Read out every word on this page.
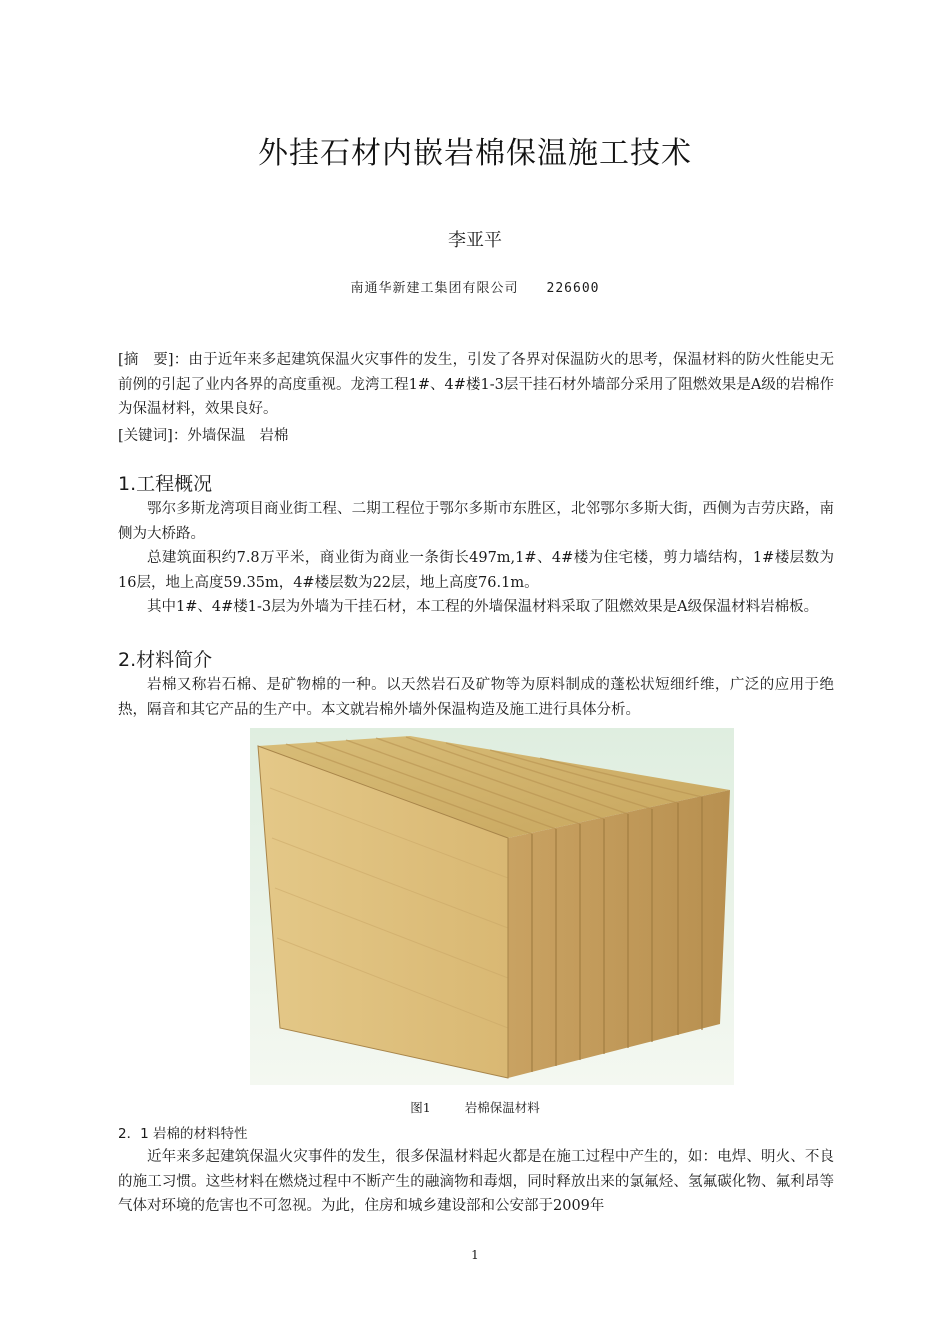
外挂石材内嵌岩棉保温施工技术
李亚平
南通华新建工集团有限公司 226600
[摘　要]：由于近年来多起建筑保温火灾事件的发生，引发了各界对保温防火的思考，保温材料的防火性能史无前例的引起了业内各界的高度重视。龙湾工程1#、4#楼1-3层干挂石材外墙部分采用了阻燃效果是A级的岩棉作为保温材料，效果良好。
[关键词]：外墙保温 岩棉
1.工程概况

鄂尔多斯龙湾项目商业街工程、二期工程位于鄂尔多斯市东胜区，北邻鄂尔多斯大街，西侧为吉劳庆路，南侧为大桥路。

总建筑面积约7.8万平米，商业街为商业一条街长497m,1#、4#楼为住宅楼，剪力墙结构，1#楼层数为16层，地上高度59.35m，4#楼层数为22层，地上高度76.1m。

其中1#、4#楼1-3层为外墙为干挂石材，本工程的外墙保温材料采取了阻燃效果是A级保温材料岩棉板。

2.材料简介

岩棉又称岩石棉、是矿物棉的一种。以天然岩石及矿物等为原料制成的蓬松状短细纤维，广泛的应用于绝热，隔音和其它产品的生产中。本文就岩棉外墙外保温构造及施工进行具体分析。

图1	岩棉保温材料
2．1 岩棉的材料特性

近年来多起建筑保温火灾事件的发生，很多保温材料起火都是在施工过程中产生的，如：电焊、明火、不良的施工习惯。这些材料在燃烧过程中不断产生的融滴物和毒烟，同时释放出来的氯氟烃、氢氟碳化物、氟利昂等气体对环境的危害也不可忽视。为此，住房和城乡建设部和公安部于2009年

1
